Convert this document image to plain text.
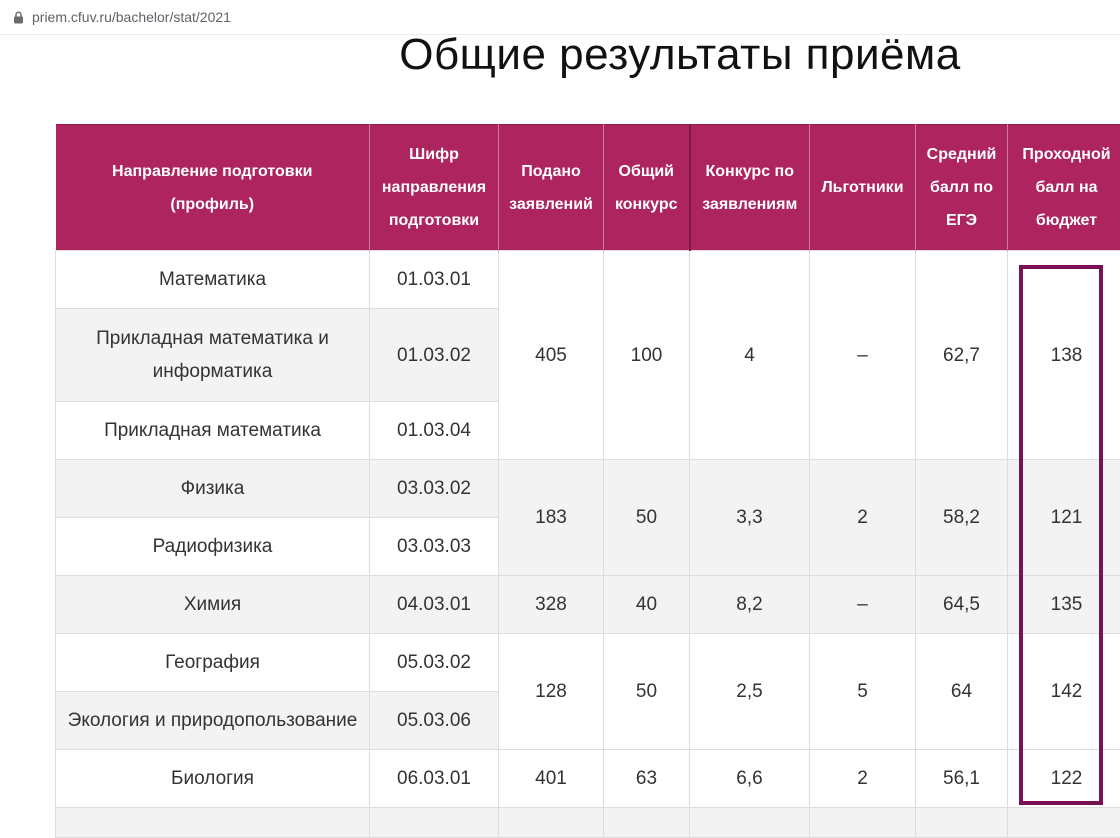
priem.cfuv.ru/bachelor/stat/2021
Общие результаты приёма
Направление подготовки (профиль)	Шифр направления подготовки	Подано заявлений	Общий конкурс	Конкурс по заявлениям	Льготники	Средний балл по ЕГЭ	Проходной балл на бюджет
Математика	01.03.01	405	100	4	–	62,7	138
Прикладная математика и информатика	01.03.02						
Прикладная математика	01.03.04						
Физика	03.03.02	183	50	3,3	2	58,2	121
Радиофизика	03.03.03						
Химия	04.03.01	328	40	8,2	–	64,5	135
География	05.03.02	128	50	2,5	5	64	142
Экология и природопользование	05.03.06						
Биология	06.03.01	401	63	6,6	2	56,1	122
